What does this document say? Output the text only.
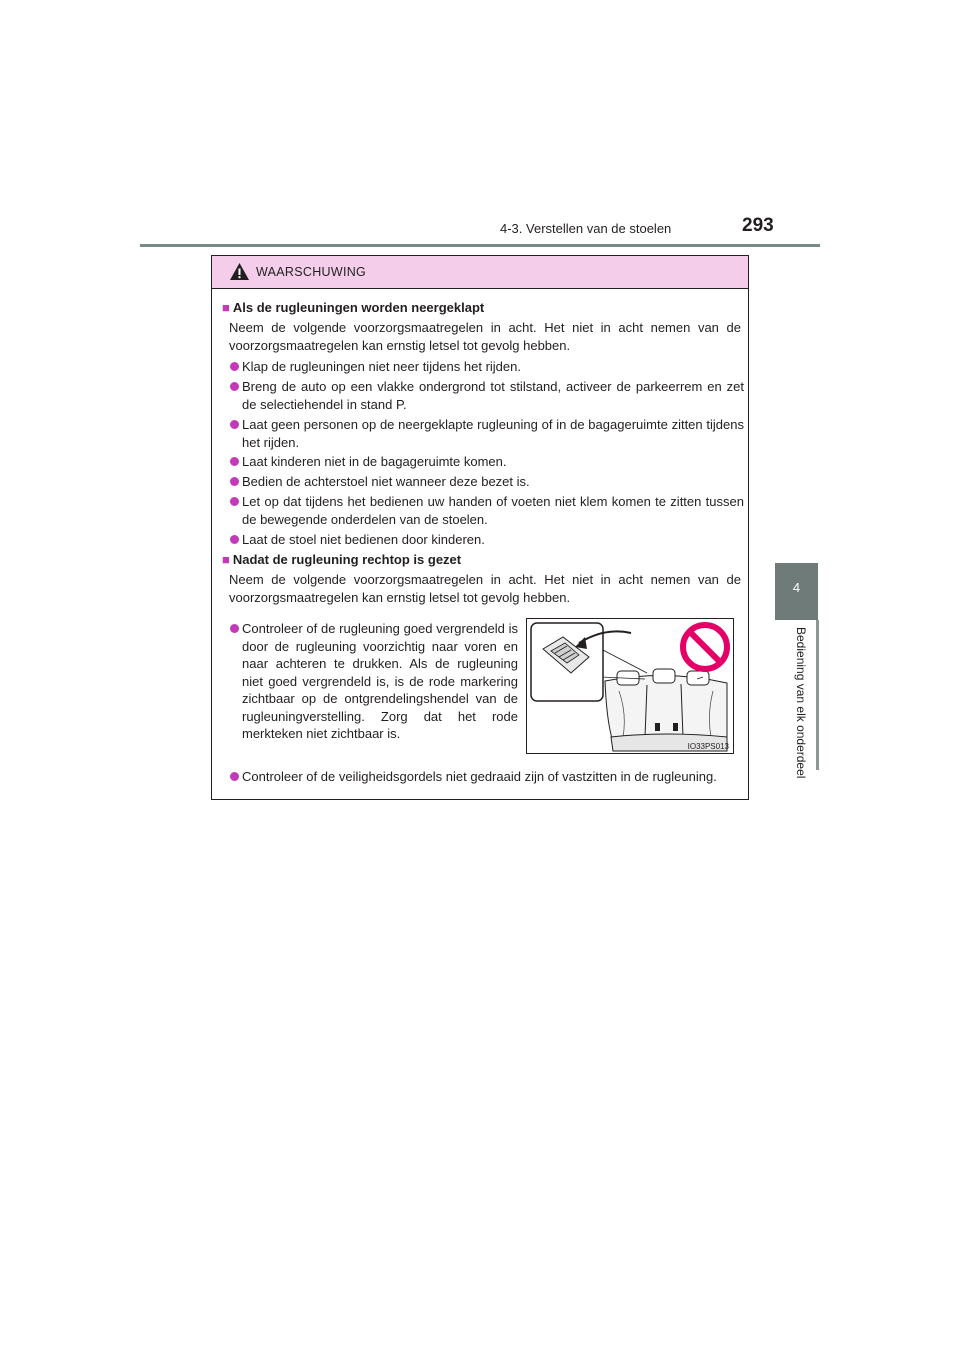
4-3. Verstellen van de stoelen	293
4
Bediening van elk onderdeel
WAARSCHUWING
■ Als de rugleuningen worden neergeklapt
Neem de volgende voorzorgsmaatregelen in acht. Het niet in acht nemen van de voorzorgsmaatregelen kan ernstig letsel tot gevolg hebben.
Klap de rugleuningen niet neer tijdens het rijden.
Breng de auto op een vlakke ondergrond tot stilstand, activeer de parkeerrem en zet de selectiehendel in stand P.
Laat geen personen op de neergeklapte rugleuning of in de bagageruimte zitten tijdens het rijden.
Laat kinderen niet in de bagageruimte komen.
Bedien de achterstoel niet wanneer deze bezet is.
Let op dat tijdens het bedienen uw handen of voeten niet klem komen te zitten tussen de bewegende onderdelen van de stoelen.
Laat de stoel niet bedienen door kinderen.
■ Nadat de rugleuning rechtop is gezet
Neem de volgende voorzorgsmaatregelen in acht. Het niet in acht nemen van de voorzorgsmaatregelen kan ernstig letsel tot gevolg hebben.
Controleer of de rugleuning goed vergrendeld is door de rugleuning voorzichtig naar voren en naar achteren te drukken. Als de rugleuning niet goed vergrendeld is, is de rode markering zichtbaar op de ontgrendelingshendel van de rugleuningverstelling. Zorg dat het rode merkteken niet zichtbaar is.
IO33PS013
Controleer of de veiligheidsgordels niet gedraaid zijn of vastzitten in de rugleuning.
